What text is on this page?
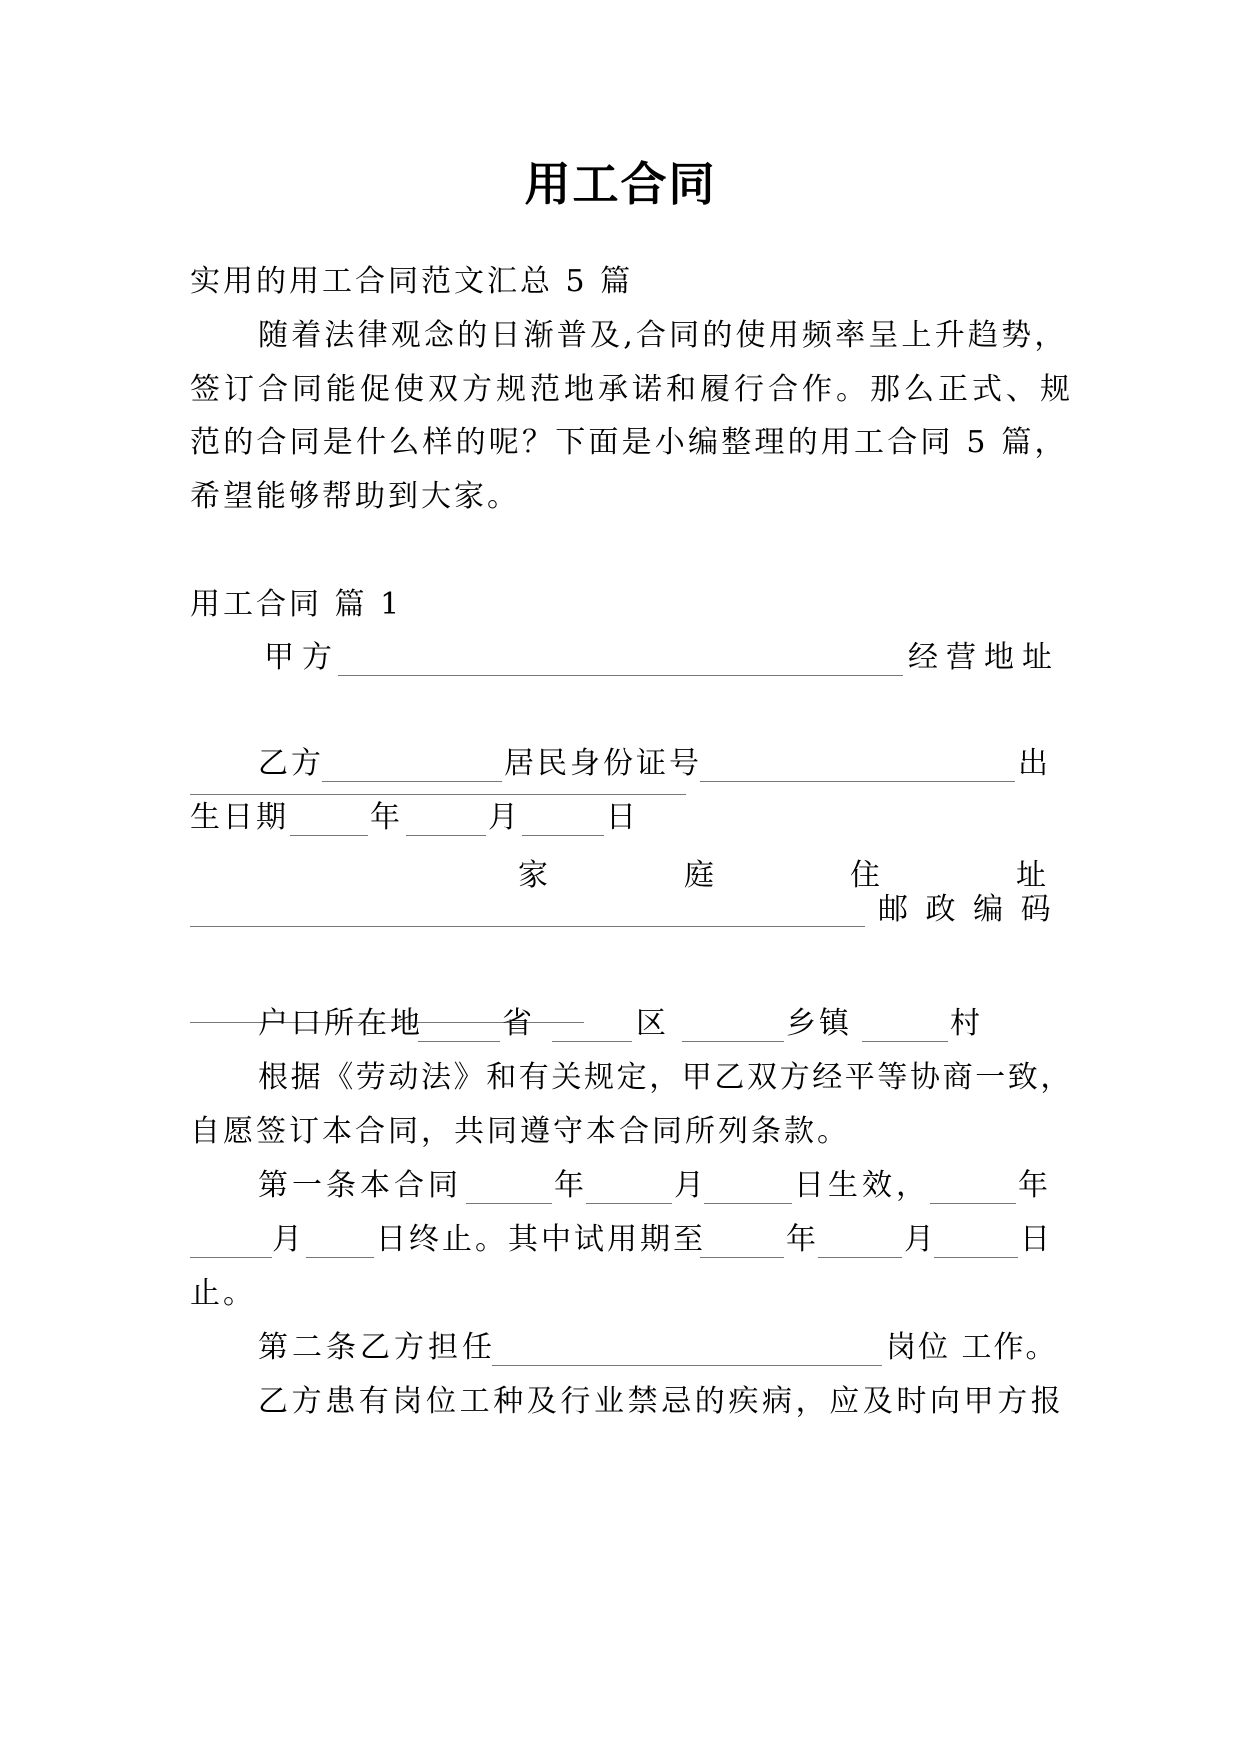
用工合同
实用的用工合同范文汇总 5 篇
随着法律观念的日渐普及,合同的使用频率呈上升趋势，
签订合同能促使双方规范地承诺和履行合作。那么正式、规
范的合同是什么样的呢？下面是小编整理的用工合同 5 篇，
希望能够帮助到大家。
用工合同 篇 1
甲方	经营地址
乙方	居民身份证号	出
生日期	年	月	日
家	庭	住	址
邮 政 编 码
户口所在地	省	区	乡镇	村
根据《劳动法》和有关规定，甲乙双方经平等协商一致，
自愿签订本合同，共同遵守本合同所列条款。
第一条本合同	年	月	日生效，	年
月 日终止。其中试用期至	年	月	日
止。
第二条乙方担任	岗位 工作。
乙方患有岗位工种及行业禁忌的疾病，应及时向甲方报
